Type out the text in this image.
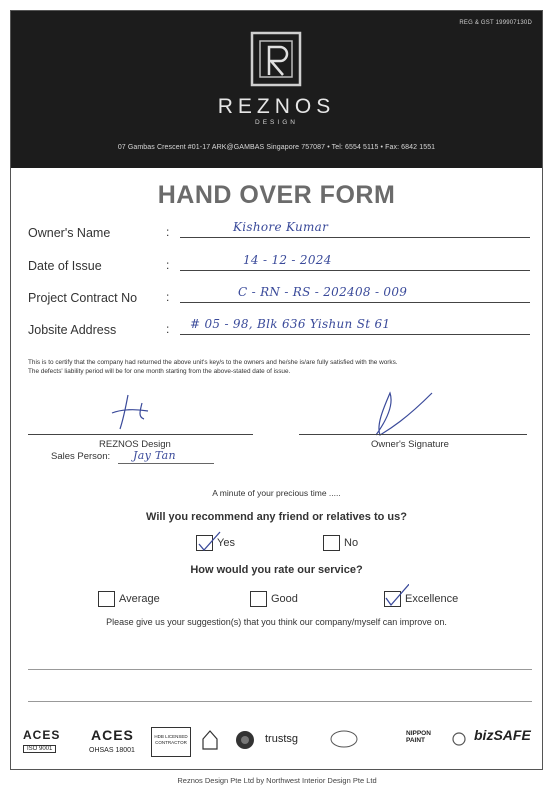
REG & GST 199907130D
REZNOS
DESIGN
07 Gambas Crescent #01-17 ARK@GAMBAS Singapore 757087 • Tel: 6554 5115 • Fax: 6842 1551
HAND OVER FORM
Owner's Name	:	Kishore Kumar
Date of Issue	:	14 - 12 - 2024
Project Contract No :	C - RN - RS - 202408 - 009
Jobsite Address	: # 05 - 98, Blk 636 Yishun St 61
This is to certify that the company had returned the above unit's key/s to the owners and he/she is/are fully satisfied with the works.
The defects' liability period will be for one month starting from the above-stated date of issue.
REZNOS Design
Sales Person: Jay Tan
Owner's Signature
A minute of your precious time .....
Will you recommend any friend or relatives to us?
Yes	No
How would you rate our service?
Average	Good	Excellence
Please give us your suggestion(s) that you think our company/myself can improve on.
ACES
ISO 9001
ACES
OHSAS 18001
HDB LICENSED CONTRACTOR	trustsg	NIPPON PAINT	bizSAFE
Reznos Design Pte Ltd by Northwest Interior Design Pte Ltd
